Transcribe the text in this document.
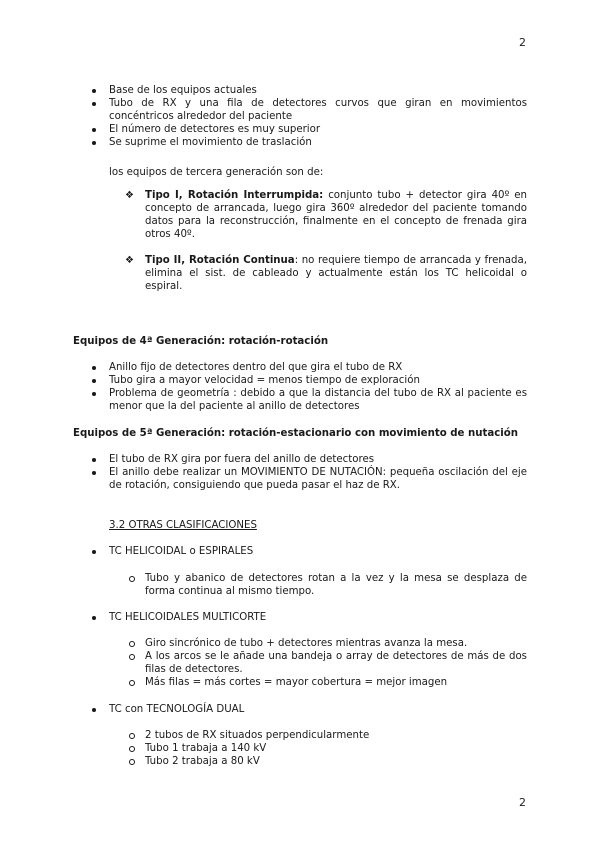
2
Base de los equipos actuales
Tubo de RX y una fila de detectores curvos que giran en movimientos concéntricos alrededor del paciente
El número de detectores es muy superior
Se suprime el movimiento de traslación
los equipos de tercera generación son de:
❖ Tipo I, Rotación Interrumpida: conjunto tubo + detector gira 40º en concepto de arrancada, luego gira 360º alrededor del paciente tomando datos para la reconstrucción, finalmente en el concepto de frenada gira otros 40º.
❖ Tipo II, Rotación Continua: no requiere tiempo de arrancada y frenada, elimina el sist. de cableado y actualmente están los TC helicoidal o espiral.
Equipos de 4ª Generación: rotación-rotación
Anillo fijo de detectores dentro del que gira el tubo de RX
Tubo gira a mayor velocidad = menos tiempo de exploración
Problema de geometría : debido a que la distancia del tubo de RX al paciente es menor que la del paciente al anillo de detectores
Equipos de 5ª Generación: rotación-estacionario con movimiento de nutación
El tubo de RX gira por fuera del anillo de detectores
El anillo debe realizar un MOVIMIENTO DE NUTACIÓN: pequeña oscilación del eje de rotación, consiguiendo que pueda pasar el haz de RX.
3.2 OTRAS CLASIFICACIONES
TC HELICOIDAL o ESPIRALES
Tubo y abanico de detectores rotan a la vez y la mesa se desplaza de forma continua al mismo tiempo.
TC HELICOIDALES MULTICORTE
Giro sincrónico de tubo + detectores mientras avanza la mesa.
A los arcos se le añade una bandeja o array de detectores de más de dos filas de detectores.
Más filas = más cortes = mayor cobertura = mejor imagen
TC con TECNOLOGÍA DUAL
2 tubos de RX situados perpendicularmente
Tubo 1 trabaja a 140 kV
Tubo 2 trabaja a 80 kV
2
